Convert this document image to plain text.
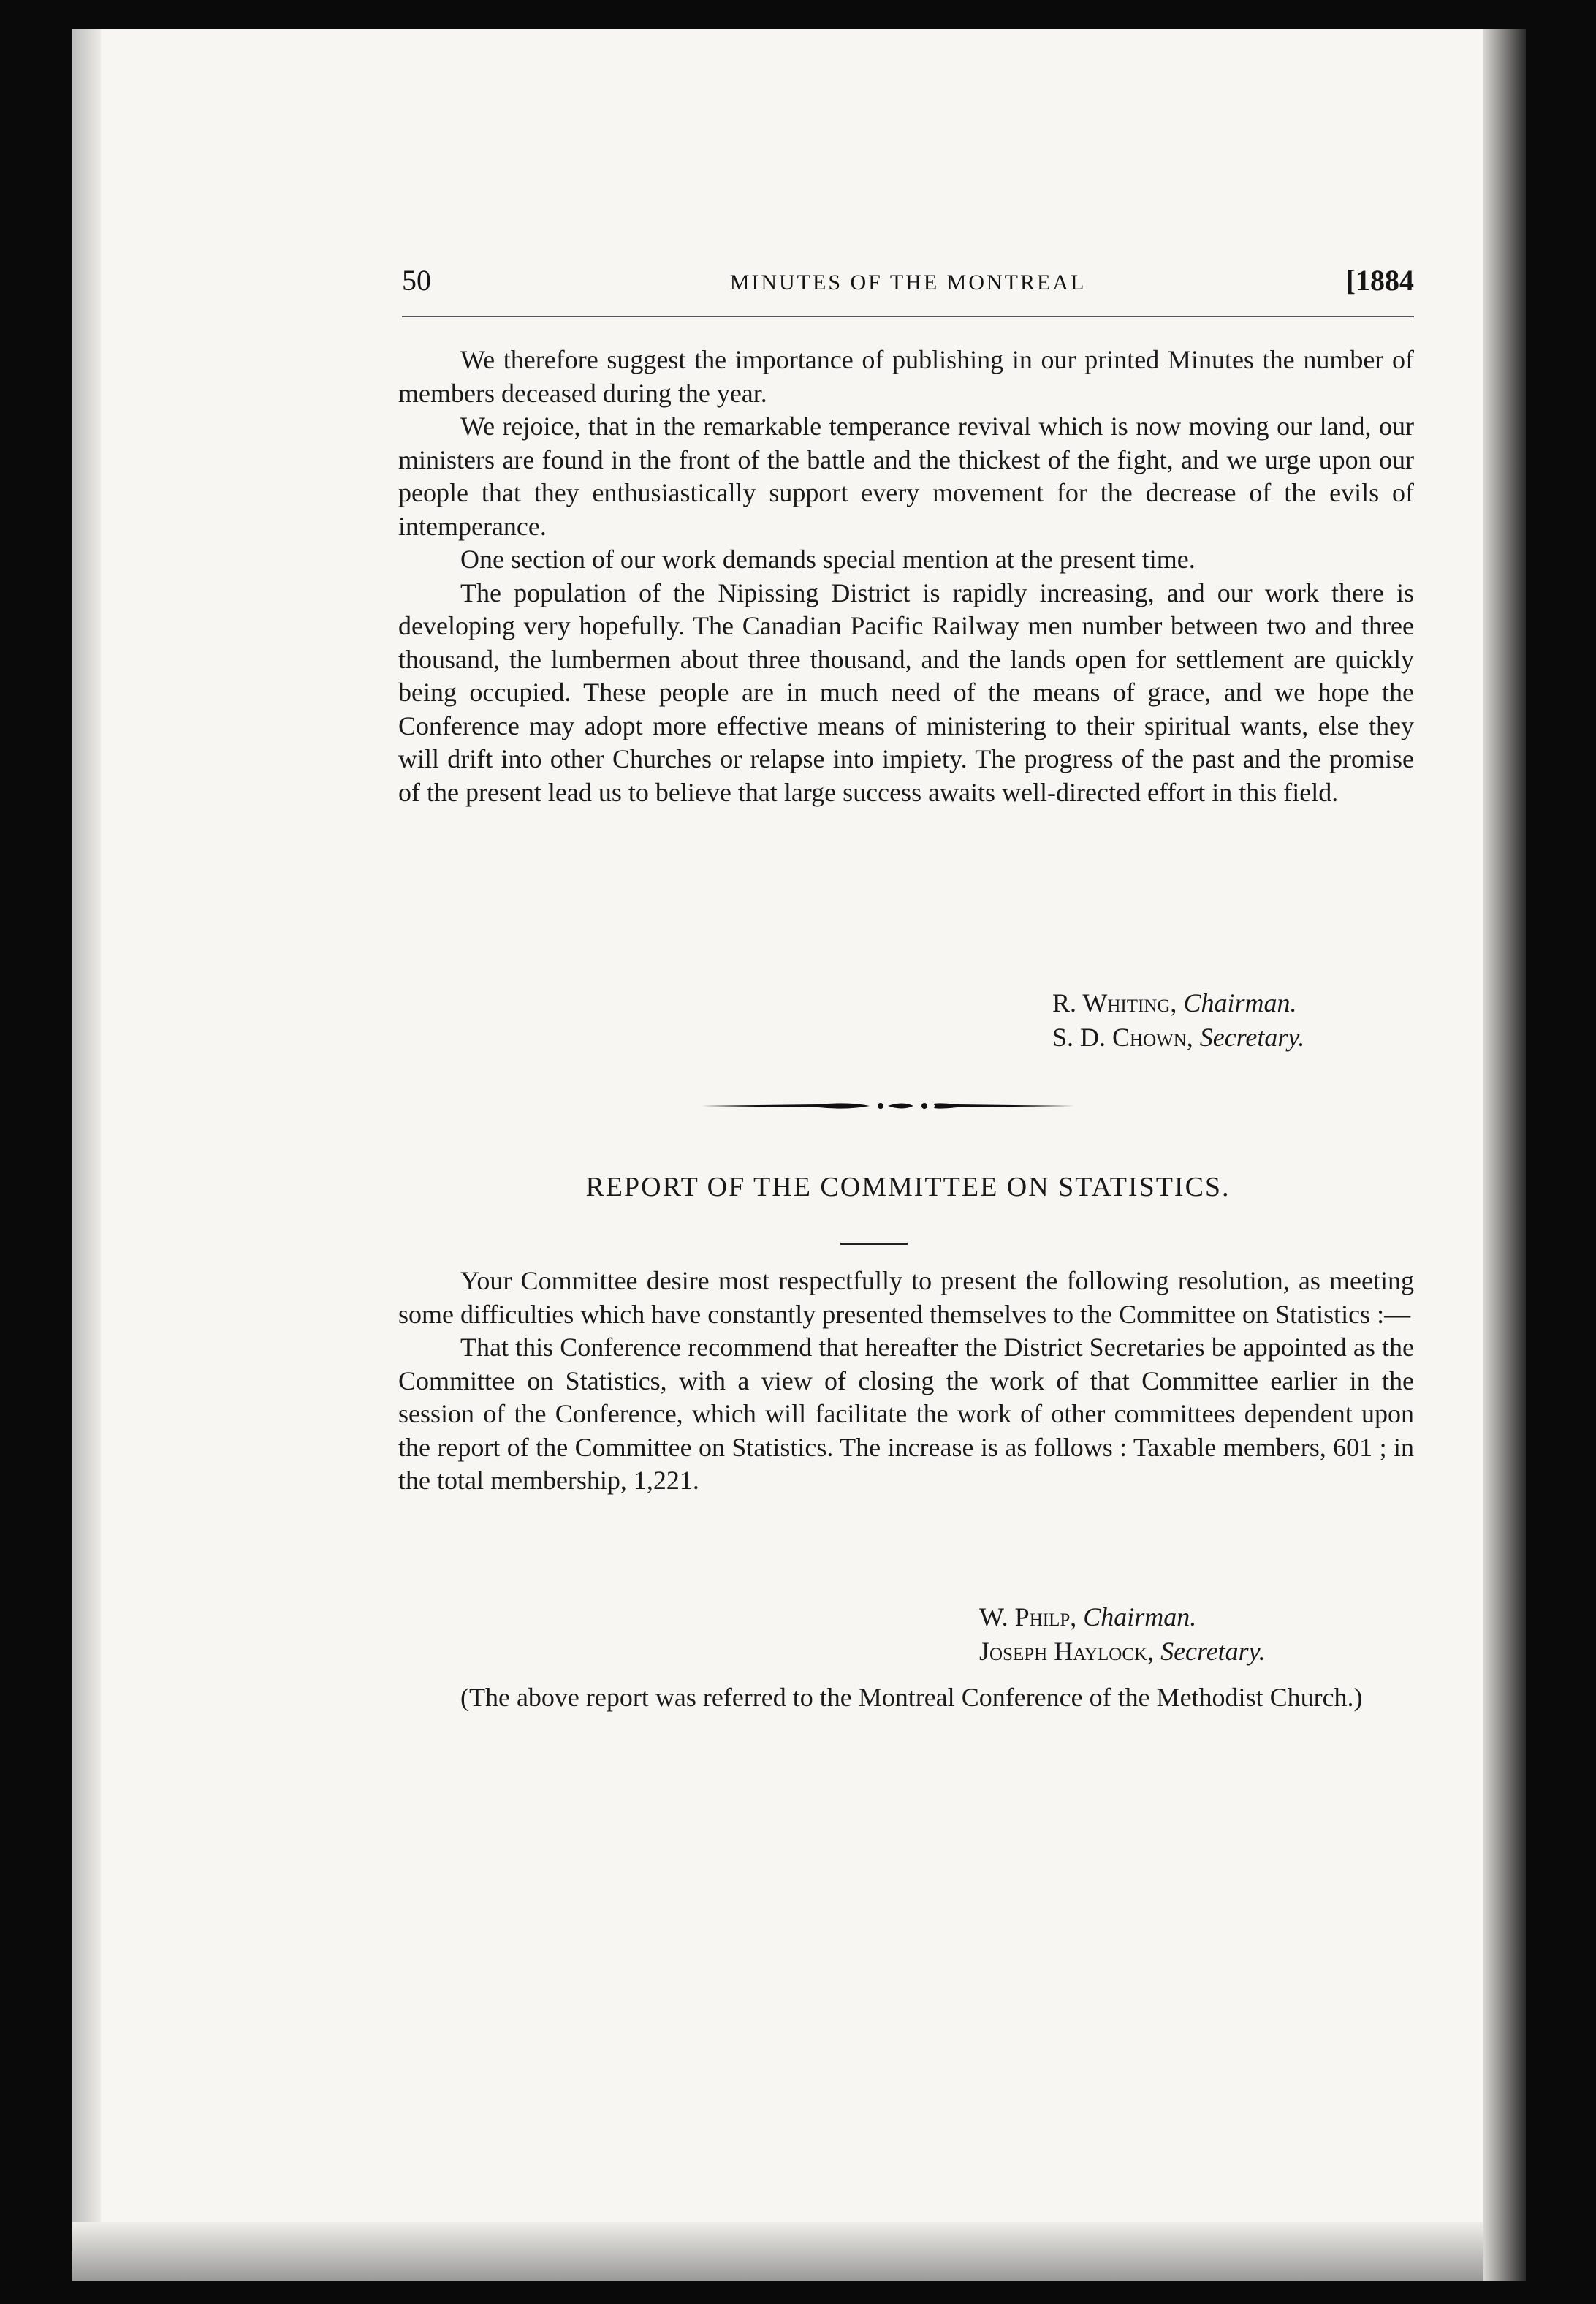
50	MINUTES OF THE MONTREAL	[1884

We therefore suggest the importance of publishing in our printed Minutes the number of members deceased during the year.

We rejoice, that in the remarkable temperance revival which is now moving our land, our ministers are found in the front of the battle and the thickest of the fight, and we urge upon our people that they enthusiastically support every movement for the decrease of the evils of intemperance.

One section of our work demands special mention at the present time.

The population of the Nipissing District is rapidly increasing, and our work there is developing very hopefully. The Canadian Pacific Railway men number between two and three thousand, the lumbermen about three thousand, and the lands open for settlement are quickly being occupied. These people are in much need of the means of grace, and we hope the Conference may adopt more effective means of ministering to their spiritual wants, else they will drift into other Churches or relapse into impiety. The progress of the past and the promise of the present lead us to believe that large success awaits well-directed effort in this field.

R. Whiting, Chairman.
S. D. Chown, Secretary.
REPORT OF THE COMMITTEE ON STATISTICS.

Your Committee desire most respectfully to present the following resolution, as meeting some difficulties which have constantly presented themselves to the Committee on Statistics :—

That this Conference recommend that hereafter the District Secretaries be appointed as the Committee on Statistics, with a view of closing the work of that Committee earlier in the session of the Conference, which will facilitate the work of other committees dependent upon the report of the Committee on Statistics. The increase is as follows : Taxable members, 601 ; in the total membership, 1,221.

W. Philp, Chairman.
Joseph Haylock, Secretary.

(The above report was referred to the Montreal Conference of the Methodist Church.)
